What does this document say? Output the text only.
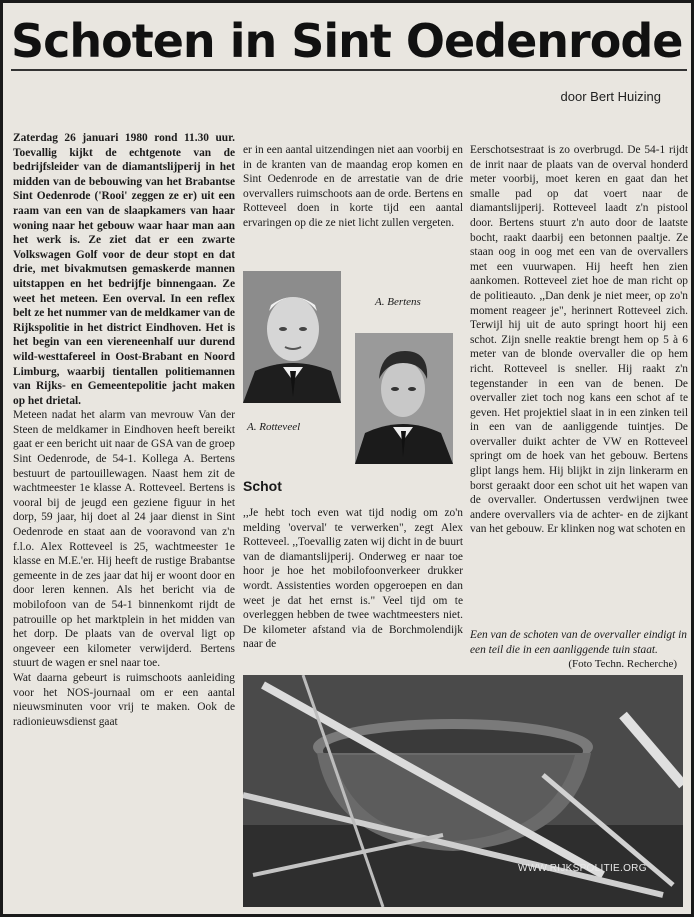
Schoten in Sint Oedenrode
door Bert Huizing

Zaterdag 26 januari 1980 rond 11.30 uur. Toevallig kijkt de echtgenote van de bedrijfsleider van de diamantslijperij in het midden van de bebouwing van het Brabantse Sint Oedenrode ('Rooi' zeggen ze er) uit een raam van een van de slaapkamers van haar woning naar het gebouw waar haar man aan het werk is. Ze ziet dat er een zwarte Volkswagen Golf voor de deur stopt en dat drie, met bivakmutsen gemaskerde mannen uitstappen en het bedrijfje binnengaan. Ze weet het meteen. Een overval. In een reflex belt ze het nummer van de meldkamer van de Rijkspolitie in het district Eindhoven. Het is het begin van een viereneenhalf uur durend wild-westtafereel in Oost-Brabant en Noord Limburg, waarbij tientallen politiemannen van Rijks- en Gemeentepolitie jacht maken op het drietal.

Meteen nadat het alarm van mevrouw Van der Steen de meldkamer in Eindhoven heeft bereikt gaat er een bericht uit naar de GSA van de groep Sint Oedenrode, de 54-1. Kollega A. Bertens bestuurt de partouillewagen. Naast hem zit de wachtmeester 1e klasse A. Rotteveel. Bertens is vooral bij de jeugd een geziene figuur in het dorp, 59 jaar, hij doet al 24 jaar dienst in Sint Oedenrode en staat aan de vooravond van z'n f.l.o. Alex Rotteveel is 25, wachtmeester 1e klasse en M.E.'er. Hij heeft de rustige Brabantse gemeente in de zes jaar dat hij er woont door en door leren kennen. Als het bericht via de mobilofoon van de 54-1 binnenkomt rijdt de patrouille op het marktplein in het midden van het dorp. De plaats van de overval ligt op ongeveer een kilometer verwijderd. Bertens stuurt de wagen er snel naar toe.

Wat daarna gebeurt is ruimschoots aanleiding voor het NOS-journaal om er een aantal nieuwsminuten voor vrij te maken. Ook de radionieuwsdienst gaat

er in een aantal uitzendingen niet aan voorbij en in de kranten van de maandag erop komen en Sint Oedenrode en de arrestatie van de drie overvallers ruimschoots aan de orde. Bertens en Rotteveel doen in korte tijd een aantal ervaringen op die ze niet licht zullen vergeten.

A. Bertens
A. Rotteveel
Schot

,,Je hebt toch even wat tijd nodig om zo'n melding 'overval' te verwerken", zegt Alex Rotteveel. ,,Toevallig zaten wij dicht in de buurt van de diamantslijperij. Onderweg er naar toe hoor je hoe het mobilofoonverkeer drukker wordt. Assistenties worden opgeroepen en dan weet je dat het ernst is." Veel tijd om te overleggen hebben de twee wachtmeesters niet. De kilometer afstand via de Borchmolendijk naar de

Eerschotsestraat is zo overbrugd. De 54-1 rijdt de inrit naar de plaats van de overval honderd meter voorbij, moet keren en gaat dan het smalle pad op dat voert naar de diamantslijperij. Rotteveel laadt z'n pistool door. Bertens stuurt z'n auto door de laatste bocht, raakt daarbij een betonnen paaltje. Ze staan oog in oog met een van de overvallers met een vuurwapen. Hij heeft hen zien aankomen. Rotteveel ziet hoe de man richt op de politieauto. ,,Dan denk je niet meer, op zo'n moment reageer je", herinnert Rotteveel zich. Terwijl hij uit de auto springt hoort hij een schot. Zijn snelle reaktie brengt hem op 5 à 6 meter van de blonde overvaller die op hem richt. Rotteveel is sneller. Hij raakt z'n tegenstander in een van de benen. De overvaller ziet toch nog kans een schot af te geven. Het projektiel slaat in in een zinken teil in een van de aanliggende tuintjes. De overvaller duikt achter de VW en Rotteveel springt om de hoek van het gebouw. Bertens glipt langs hem. Hij blijkt in zijn linkerarm en borst geraakt door een schot uit het wapen van de overvaller. Ondertussen verdwijnen twee andere overvallers via de achter- en de zijkant van het gebouw. Er klinken nog wat schoten en

Een van de schoten van de overvaller eindigt in een teil die in een aanliggende tuin staat.
(Foto Techn. Recherche)
WWW.RIJKSPOLITIE.ORG
